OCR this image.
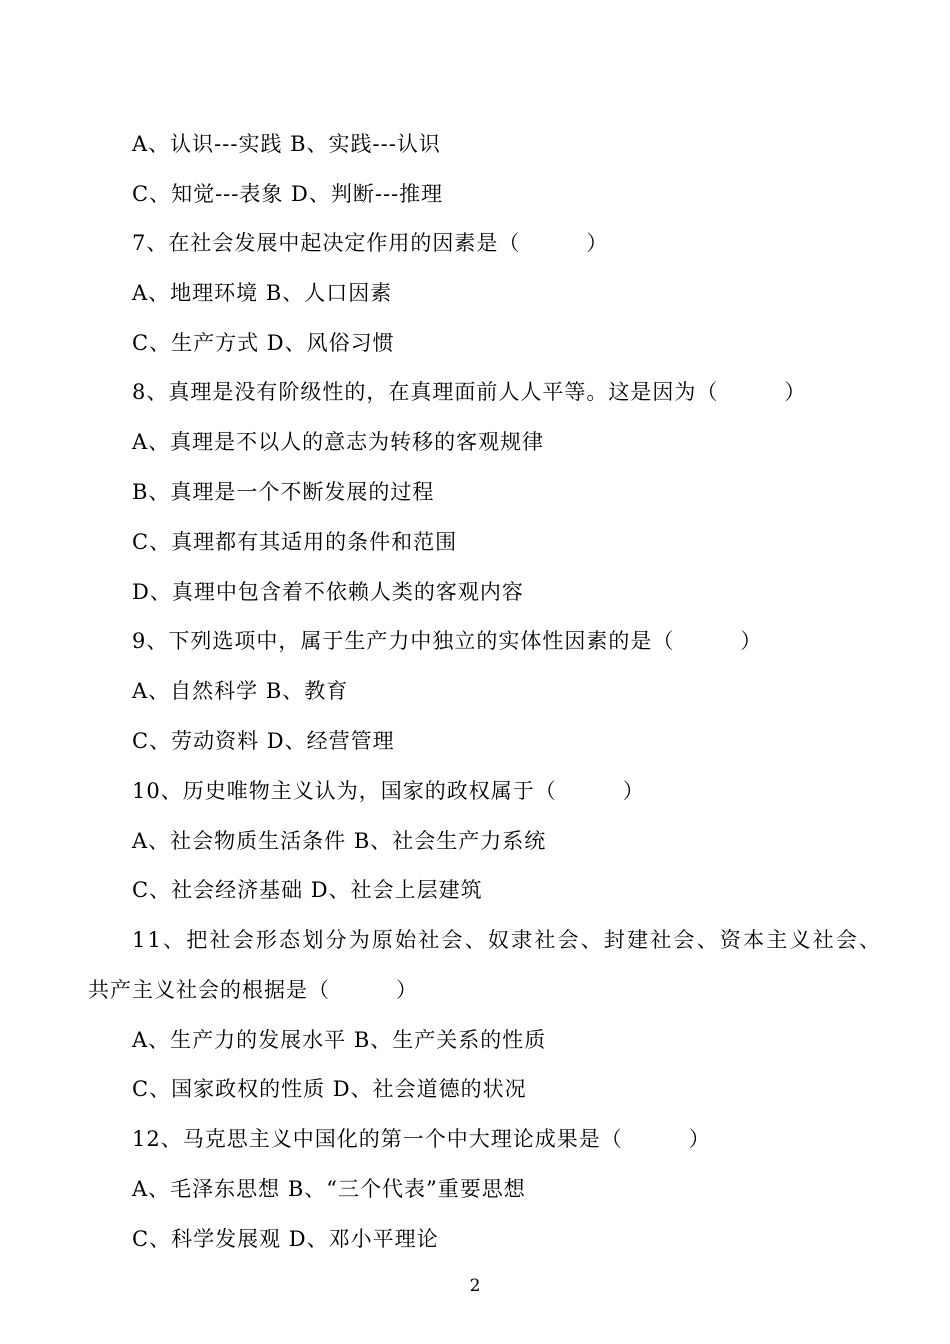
A、认识---实践 B、实践---认识
C、知觉---表象 D、判断---推理
7、在社会发展中起决定作用的因素是（　　　）
A、地理环境 B、人口因素
C、生产方式 D、风俗习惯
8、真理是没有阶级性的，在真理面前人人平等。这是因为（　　　）
A、真理是不以人的意志为转移的客观规律
B、真理是一个不断发展的过程
C、真理都有其适用的条件和范围
D、真理中包含着不依赖人类的客观内容
9、下列选项中，属于生产力中独立的实体性因素的是（　　　）
A、自然科学 B、教育
C、劳动资料 D、经营管理
10、历史唯物主义认为，国家的政权属于（　　　）
A、社会物质生活条件 B、社会生产力系统
C、社会经济基础 D、社会上层建筑
11、把社会形态划分为原始社会、奴隶社会、封建社会、资本主义社会、
共产主义社会的根据是（　　　）
A、生产力的发展水平 B、生产关系的性质
C、国家政权的性质 D、社会道德的状况
12、马克思主义中国化的第一个中大理论成果是（　　　）
A、毛泽东思想 B、“三个代表”重要思想
C、科学发展观 D、邓小平理论
2
